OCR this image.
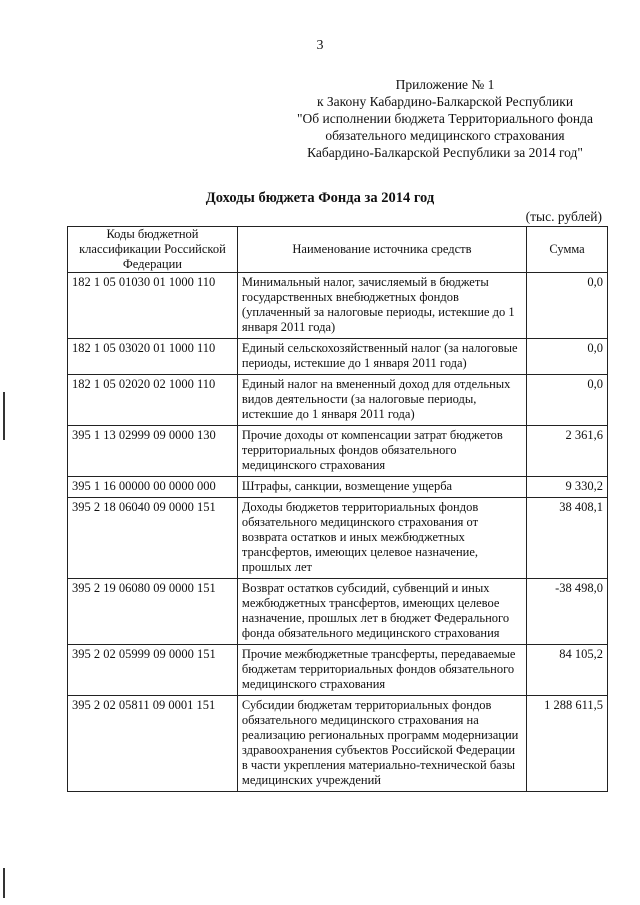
3
Приложение № 1
к Закону Кабардино-Балкарской Республики
"Об исполнении бюджета Территориального фонда
обязательного медицинского страхования
Кабардино-Балкарской Республики за 2014 год"
Доходы бюджета Фонда за 2014 год
(тыс. рублей)
Коды бюджетной классификации Российской Федерации	Наименование источника средств	Сумма
182 1 05 01030 01 1000 110	Минимальный налог, зачисляемый в бюджеты государственных внебюджетных фондов (уплаченный за налоговые периоды, истекшие до 1 января 2011 года)	0,0
182 1 05 03020 01 1000 110	Единый сельскохозяйственный налог (за налоговые периоды, истекшие до 1 января 2011 года)	0,0
182 1 05 02020 02 1000 110	Единый налог на вмененный доход для отдельных видов деятельности (за налоговые периоды, истекшие до 1 января 2011 года)	0,0
395 1 13 02999 09 0000 130	Прочие доходы от компенсации затрат бюджетов территориальных фондов обязательного медицинского страхования	2 361,6
395 1 16 00000 00 0000 000	Штрафы, санкции, возмещение ущерба	9 330,2
395 2 18 06040 09 0000 151	Доходы бюджетов территориальных фондов обязательного медицинского страхования от возврата остатков и иных межбюджетных трансфертов, имеющих целевое назначение, прошлых лет	38 408,1
395 2 19 06080 09 0000 151	Возврат остатков субсидий, субвенций и иных межбюджетных трансфертов, имеющих целевое назначение, прошлых лет в бюджет Федерального фонда обязательного медицинского страхования	-38 498,0
395 2 02 05999 09 0000 151	Прочие межбюджетные трансферты, передаваемые бюджетам территориальных фондов обязательного медицинского страхования	84 105,2
395 2 02 05811 09 0001 151	Субсидии бюджетам территориальных фондов обязательного медицинского страхования на реализацию региональных программ модернизации здравоохранения субъектов Российской Федерации в части укрепления материально-технической базы медицинских учреждений	1 288 611,5
